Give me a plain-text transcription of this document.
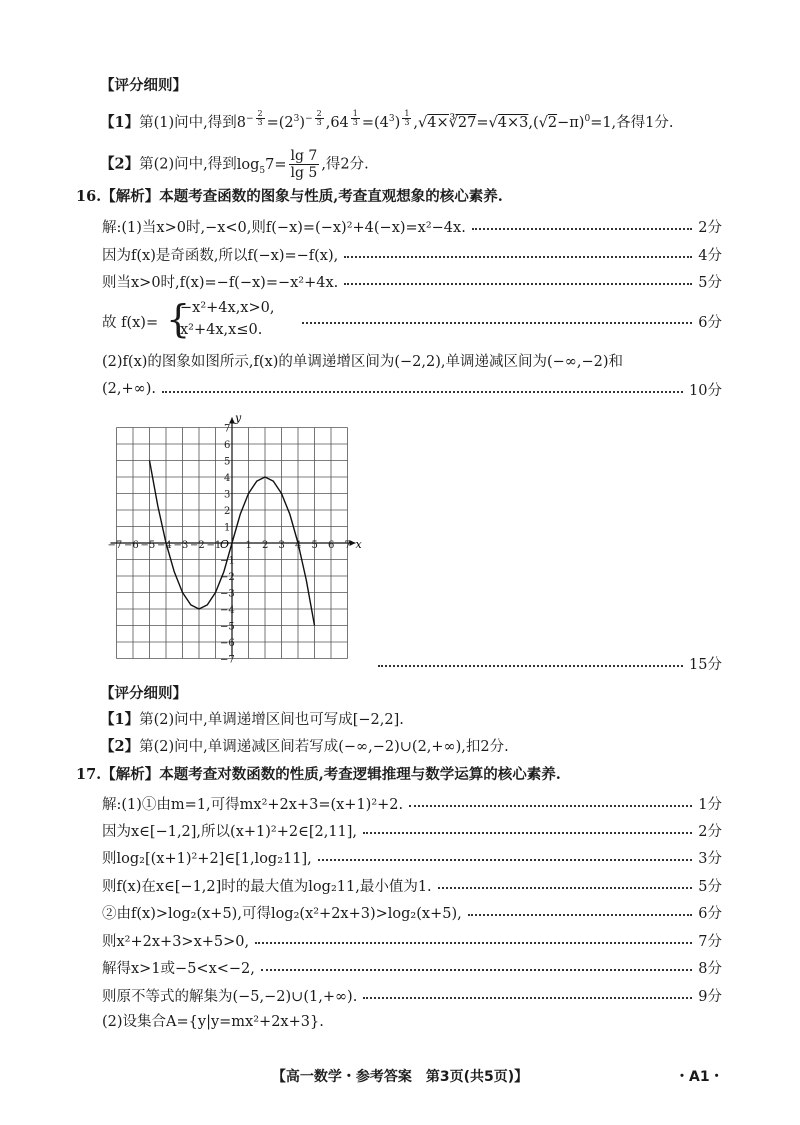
【评分细则】
【1】第(1)问中,得到$8^{- \frac{2}{3}} =(2^3)^{- \frac{2}{3}}$ ,64 $^{\frac{1}{3}} =(4^3)$ $^{\frac{1}{3}}$ $,√4\times∛27=√4\times 3,(√2-\pi)^0=1$,各得1分.
【2】第(2)问中,得到$\log_57= \frac{\lg 7}{\lg 5}$ ,得2分.
16.【解析】本题考查函数的图象与性质,考查直观想象的核心素养.
解:(1)当x>0时,−x<0,则f(−x)=(−x)²+4(−x)=x²−4x.	2分
因为f(x)是奇函数,所以f(−x)=−f(x),	4分
则当x>0时,f(x)=−f(−x)=−x²+4x.	5分
故 f(x)= {
−x²+4x,x>0,
x²+4x,x≤0.	6分
(2)f(x)的图象如图所示,f(x)的单调递增区间为(−2,2),单调递减区间为(−∞,−2)和
(2,+∞).	10分
x
y
O
−7 −6 −5 −4 −3 −2 −1 1 2 3 4 5 6 7
7
6
5
4
3
2
1
−1
−2
−3
−4
−5
−6
−7	15分
【评分细则】
【1】第(2)问中,单调递增区间也可写成[−2,2].
【2】第(2)问中,单调递减区间若写成(−∞,−2)∪(2,+∞),扣2分.
17.【解析】本题考查对数函数的性质,考查逻辑推理与数学运算的核心素养.
解:(1)①由m=1,可得mx²+2x+3=(x+1)²+2.	1分
因为x∈[−1,2],所以(x+1)²+2∈[2,11],	2分
则log₂[(x+1)²+2]∈[1,log₂11],	3分
则f(x)在x∈[−1,2]时的最大值为log₂11,最小值为1.	5分
②由f(x)>log₂(x+5),可得log₂(x²+2x+3)>log₂(x+5),	6分
则x²+2x+3>x+5>0,	7分
解得x>1或−5<x<−2,	8分
则原不等式的解集为(−5,−2)∪(1,+∞).	9分
(2)设集合A={y|y=mx²+2x+3}.
【高一数学・参考答案　第3页(共5页)】	・A1・
